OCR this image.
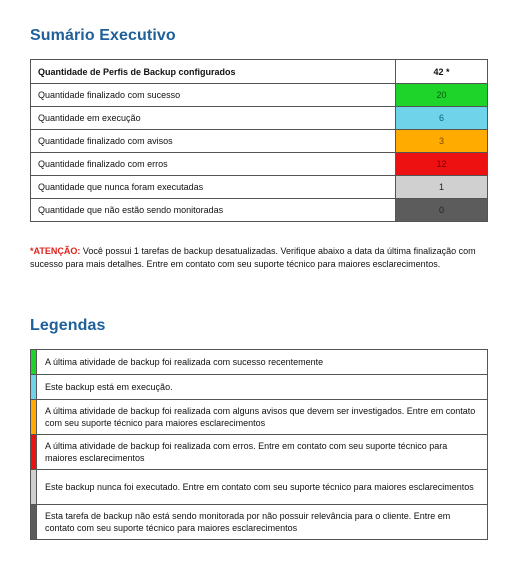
Sumário Executivo
Quantidade de Perfis de Backup configurados	42 *
Quantidade finalizado com sucesso	20
Quantidade em execução	6
Quantidade finalizado com avisos	3
Quantidade finalizado com erros	12
Quantidade que nunca foram executadas	1
Quantidade que não estão sendo monitoradas	0

*ATENÇÃO: Você possui 1 tarefas de backup desatualizadas. Verifique abaixo a data da última finalização com sucesso para mais detalhes. Entre em contato com seu suporte técnico para maiores esclarecimentos.

Legendas
	A última atividade de backup foi realizada com sucesso recentemente
	Este backup está em execução.
	A última atividade de backup foi realizada com alguns avisos que devem ser investigados. Entre em contato com seu suporte técnico para maiores esclarecimentos
	A última atividade de backup foi realizada com erros. Entre em contato com seu suporte técnico para maiores esclarecimentos
	Este backup nunca foi executado. Entre em contato com seu suporte técnico para maiores esclarecimentos
	Esta tarefa de backup não está sendo monitorada por não possuir relevância para o cliente. Entre em contato com seu suporte técnico para maiores esclarecimentos
